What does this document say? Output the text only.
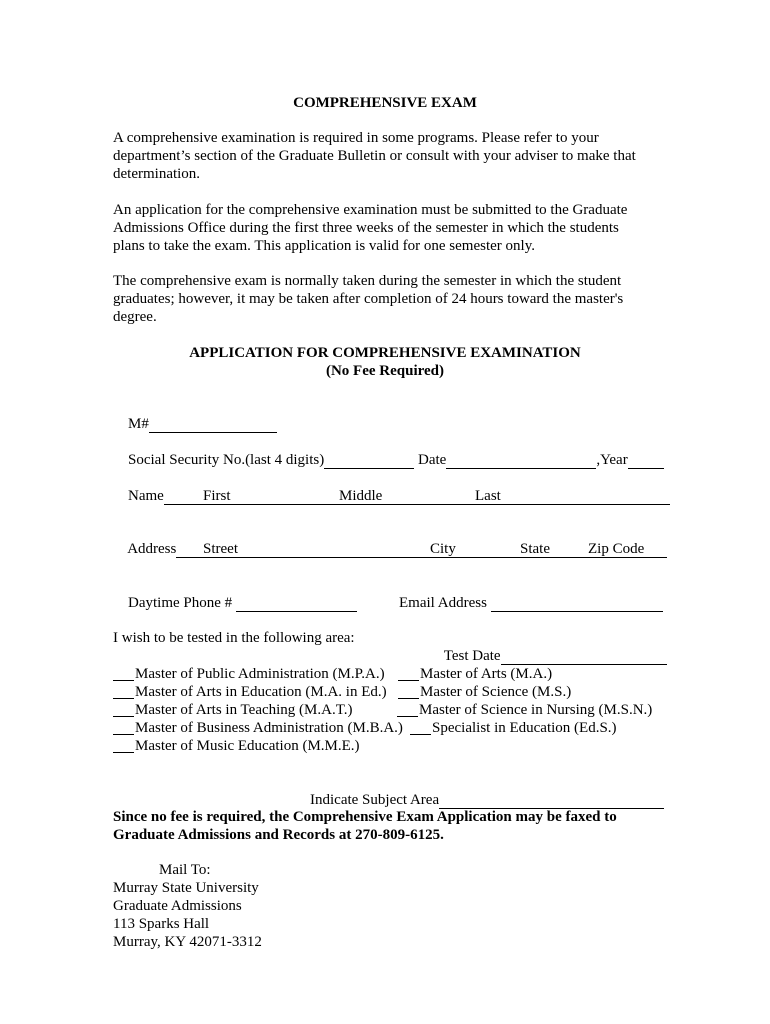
COMPREHENSIVE EXAM
A comprehensive examination is required in some programs. Please refer to your
department’s section of the Graduate Bulletin or consult with your adviser to make that
determination.
An application for the comprehensive examination must be submitted to the Graduate
Admissions Office during the first three weeks of the semester in which the students
plans to take the exam. This application is valid for one semester only.
The comprehensive exam is normally taken during the semester in which the student
graduates; however, it may be taken after completion of 24 hours toward the master's
degree.
APPLICATION FOR COMPREHENSIVE EXAMINATION
(No Fee Required)

M#

Social Security No.(last 4 digits)	Date	,Year

Name
	First	Middle	Last

Address
	Street	City	State	Zip Code

Daytime Phone #
	Email Address

I wish to be tested in the following area:

Test Date

Master of Public Administration (M.P.A.) Master of Arts (M.A.)
Master of Arts in Education (M.A. in Ed.) Master of Science (M.S.)
Master of Arts in Teaching (M.A.T.)	Master of Science in Nursing (M.S.N.)
Master of Business Administration (M.B.A.) Specialist in Education (Ed.S.)
Master of Music Education (M.M.E.)

Indicate Subject Area

Since no fee is required, the Comprehensive Exam Application may be faxed to
Graduate Admissions and Records at 270-809-6125.
Mail To:
Murray State University
Graduate Admissions
113 Sparks Hall
Murray, KY 42071-3312
